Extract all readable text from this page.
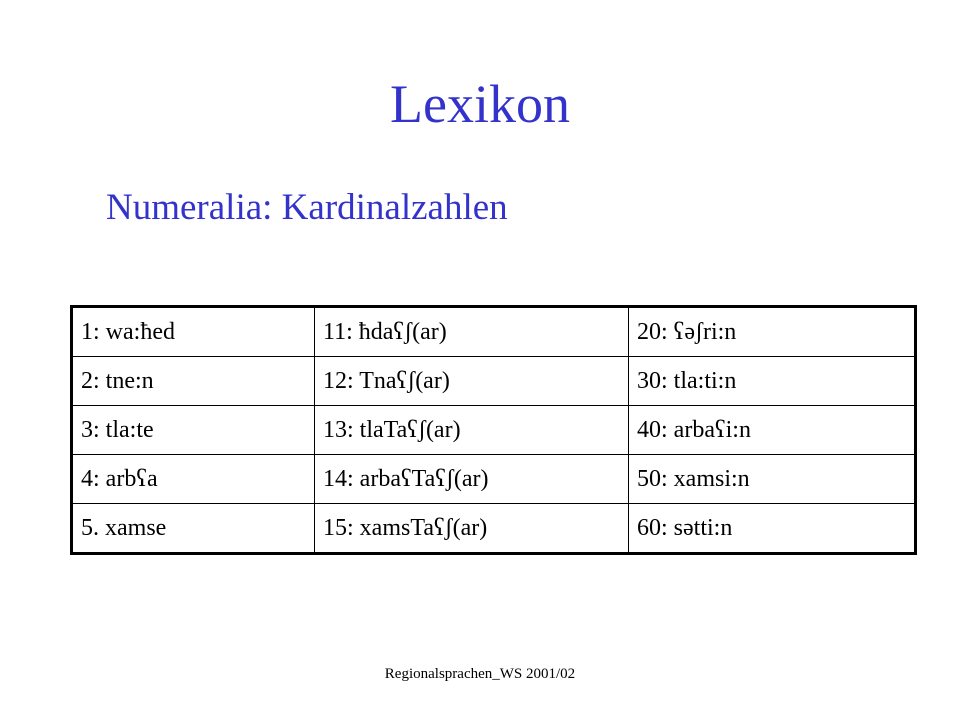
Lexikon
Numeralia: Kardinalzahlen
1: wa:ħed	11: ħdaʕʃ(ar)	20: ʕəʃri:n
2: tne:n	12: Tnaʕʃ(ar)	30: tla:ti:n
3: tla:te	13: tlaTaʕʃ(ar)	40: arbaʕi:n
4: arbʕa	14: arbaʕTaʕʃ(ar)	50: xamsi:n
5. xamse	15: xamsTaʕʃ(ar)	60: sətti:n
Regionalsprachen_WS 2001/02
